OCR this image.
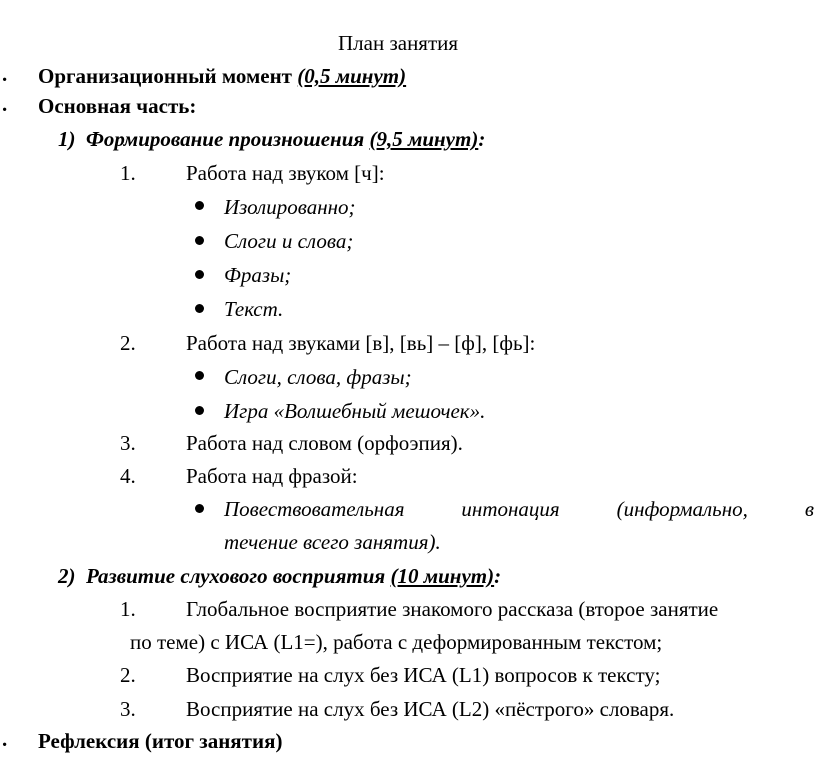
План занятия
. Организационный момент (0,5 минут)
. Основная часть:
1) Формирование произношения (9,5 минут):
1. Работа над звуком [ч]:
Изолированно;
Слоги и слова;
Фразы;
Текст.
2. Работа над звуками [в], [вь] – [ф], [фь]:
Слоги, слова, фразы;
Игра «Волшебный мешочек».
3. Работа над словом (орфоэпия).
4. Работа над фразой:
Повествовательная	интонация	(информально,	в
течение всего занятия).
2) Развитие слухового восприятия (10 минут):
1. Глобальное восприятие знакомого рассказа (второе занятие
по теме) с ИСА (L1=), работа с деформированным текстом;
2. Восприятие на слух без ИСА (L1) вопросов к тексту;
3. Восприятие на слух без ИСА (L2) «пёстрого» словаря.
. Рефлексия (итог занятия)
